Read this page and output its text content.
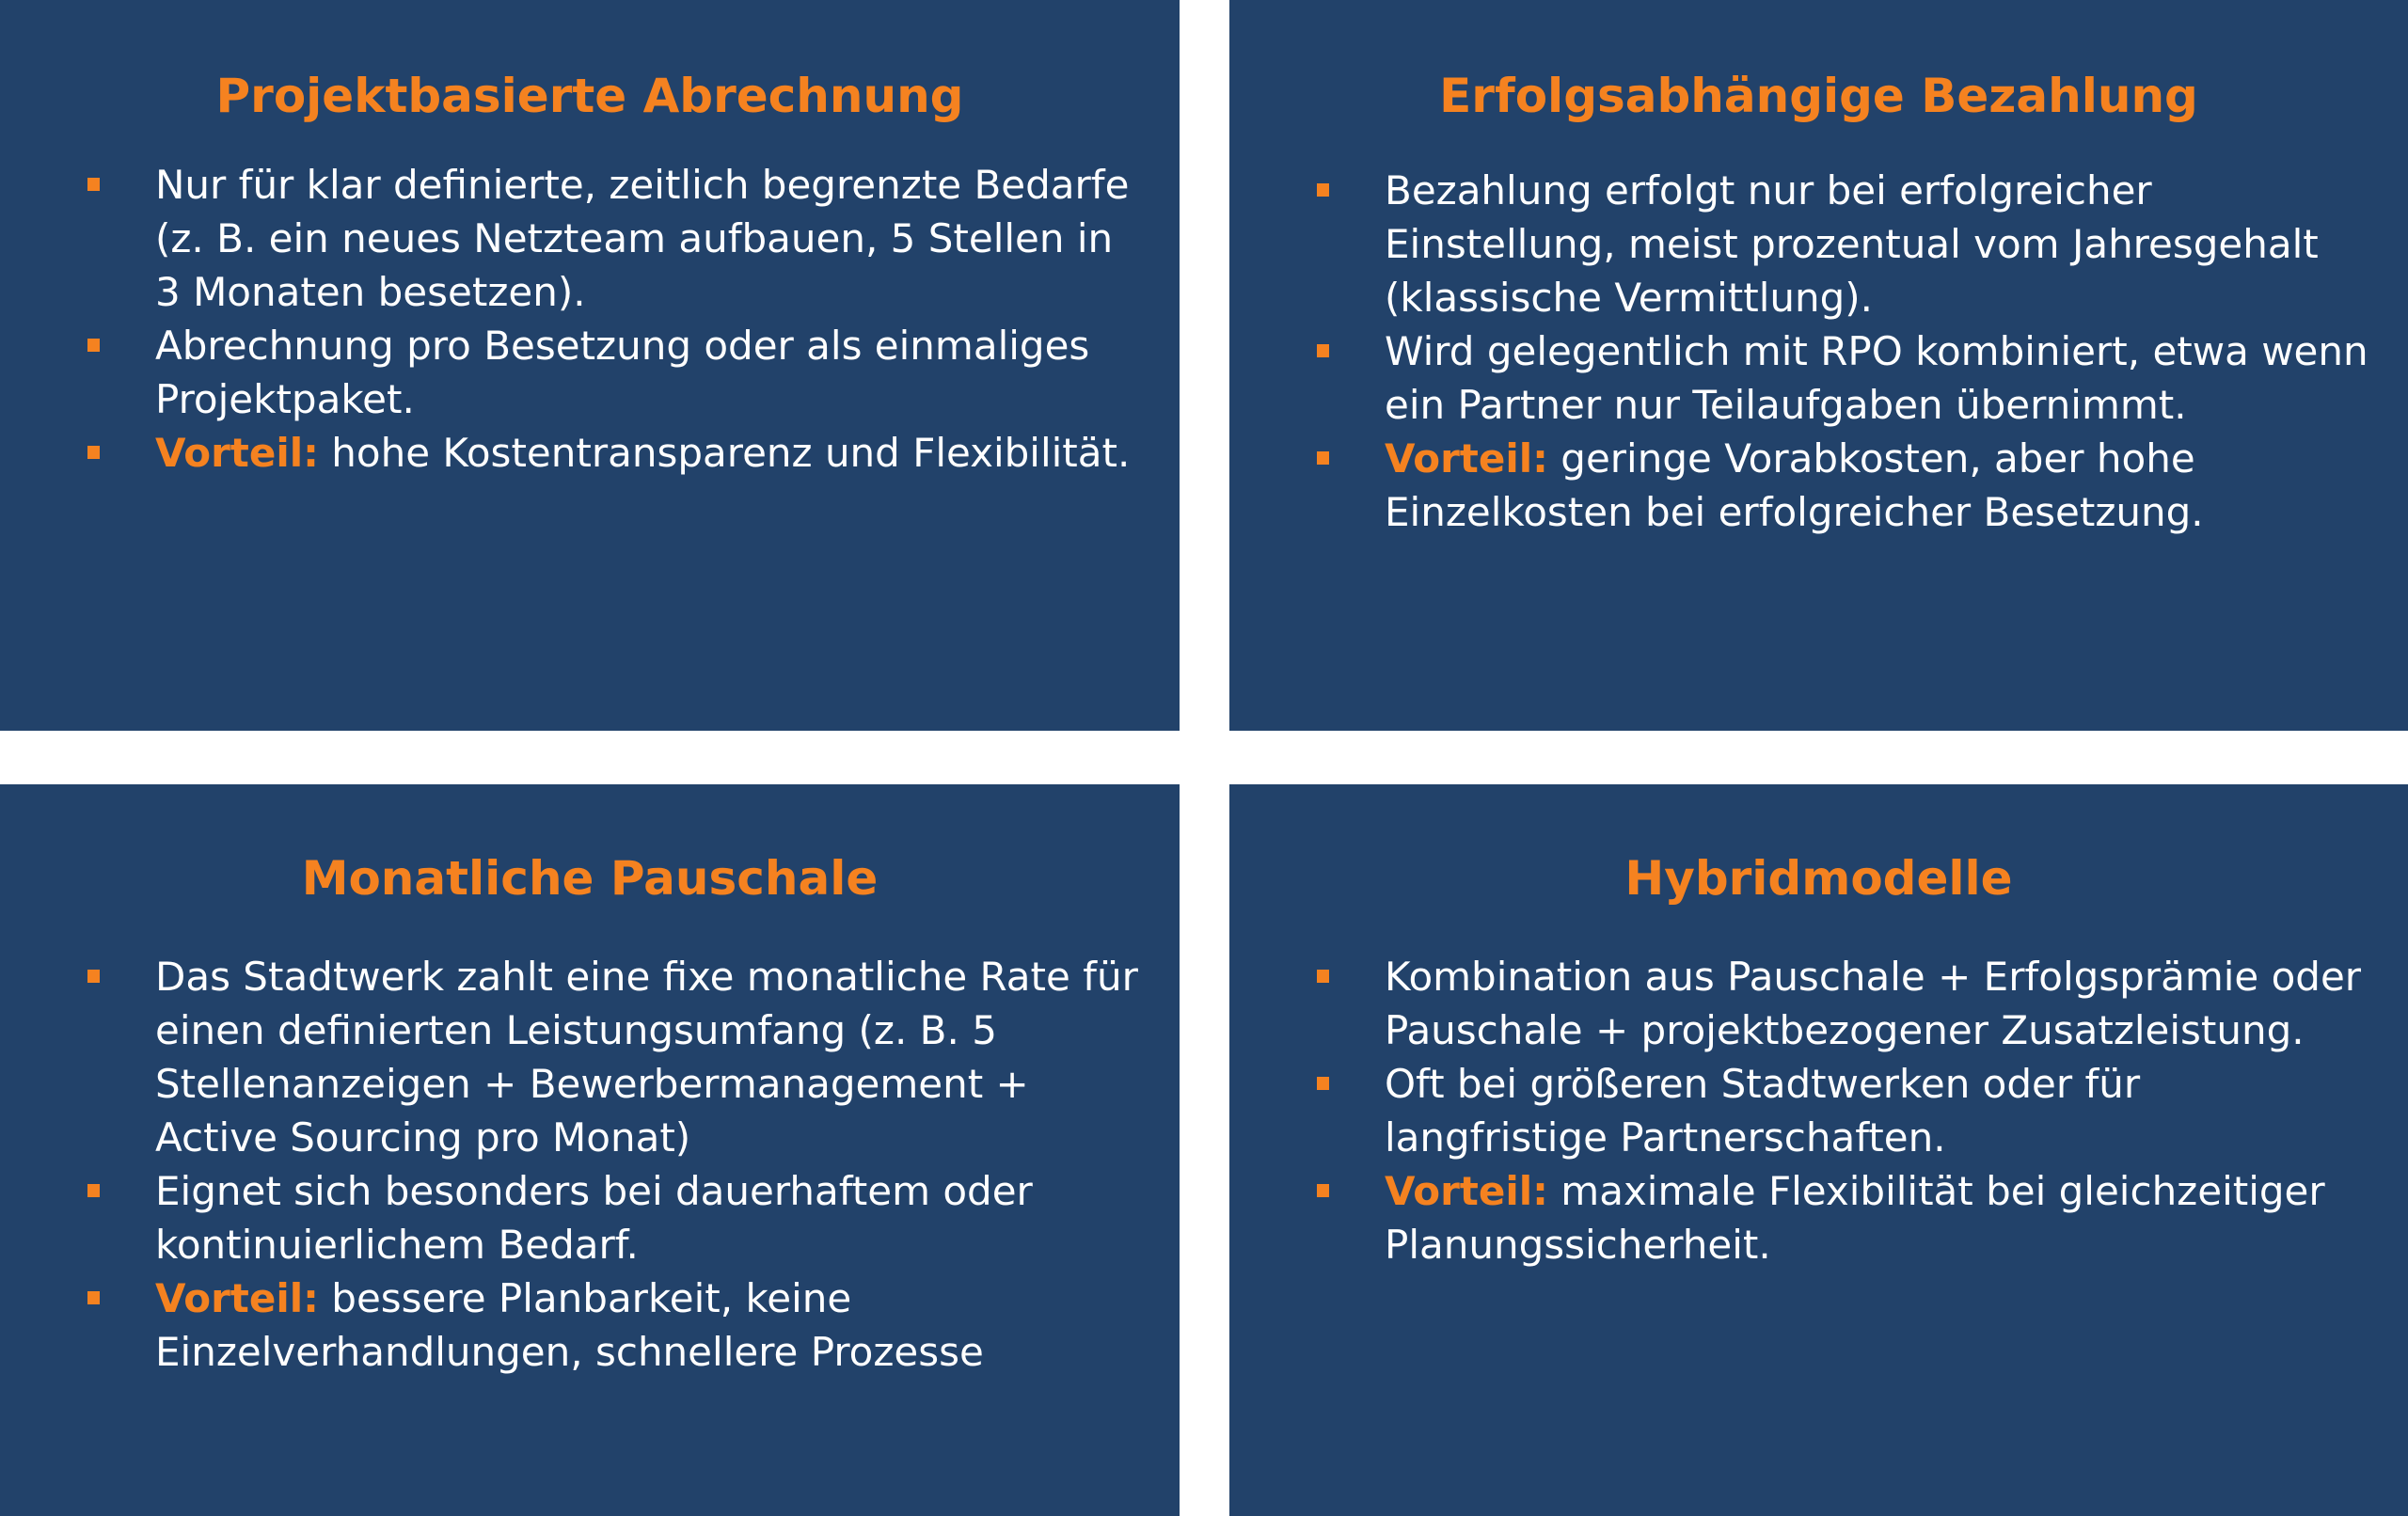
Projektbasierte Abrechnung
Nur für klar definierte, zeitlich begrenzte Bedarfe (z. B. ein neues Netzteam aufbauen, 5 Stellen in 3 Monaten besetzen).
Abrechnung pro Besetzung oder als einmaliges Projektpaket.
Vorteil: hohe Kostentransparenz und Flexibilität.
Erfolgsabhängige Bezahlung
Bezahlung erfolgt nur bei erfolgreicher Einstellung, meist prozentual vom Jahresgehalt (klassische Vermittlung).
Wird gelegentlich mit RPO kombiniert, etwa wenn ein Partner nur Teilaufgaben übernimmt.
Vorteil: geringe Vorabkosten, aber hohe Einzelkosten bei erfolgreicher Besetzung.
Monatliche Pauschale
Das Stadtwerk zahlt eine fixe monatliche Rate für einen definierten Leistungsumfang (z. B. 5 Stellenanzeigen + Bewerbermanagement + Active Sourcing pro Monat)
Eignet sich besonders bei dauerhaftem oder kontinuierlichem Bedarf.
Vorteil: bessere Planbarkeit, keine Einzelverhandlungen, schnellere Prozesse
Hybridmodelle
Kombination aus Pauschale + Erfolgsprämie oder Pauschale + projektbezogener Zusatzleistung.
Oft bei größeren Stadtwerken oder für langfristige Partnerschaften.
Vorteil: maximale Flexibilität bei gleichzeitiger Planungssicherheit.
